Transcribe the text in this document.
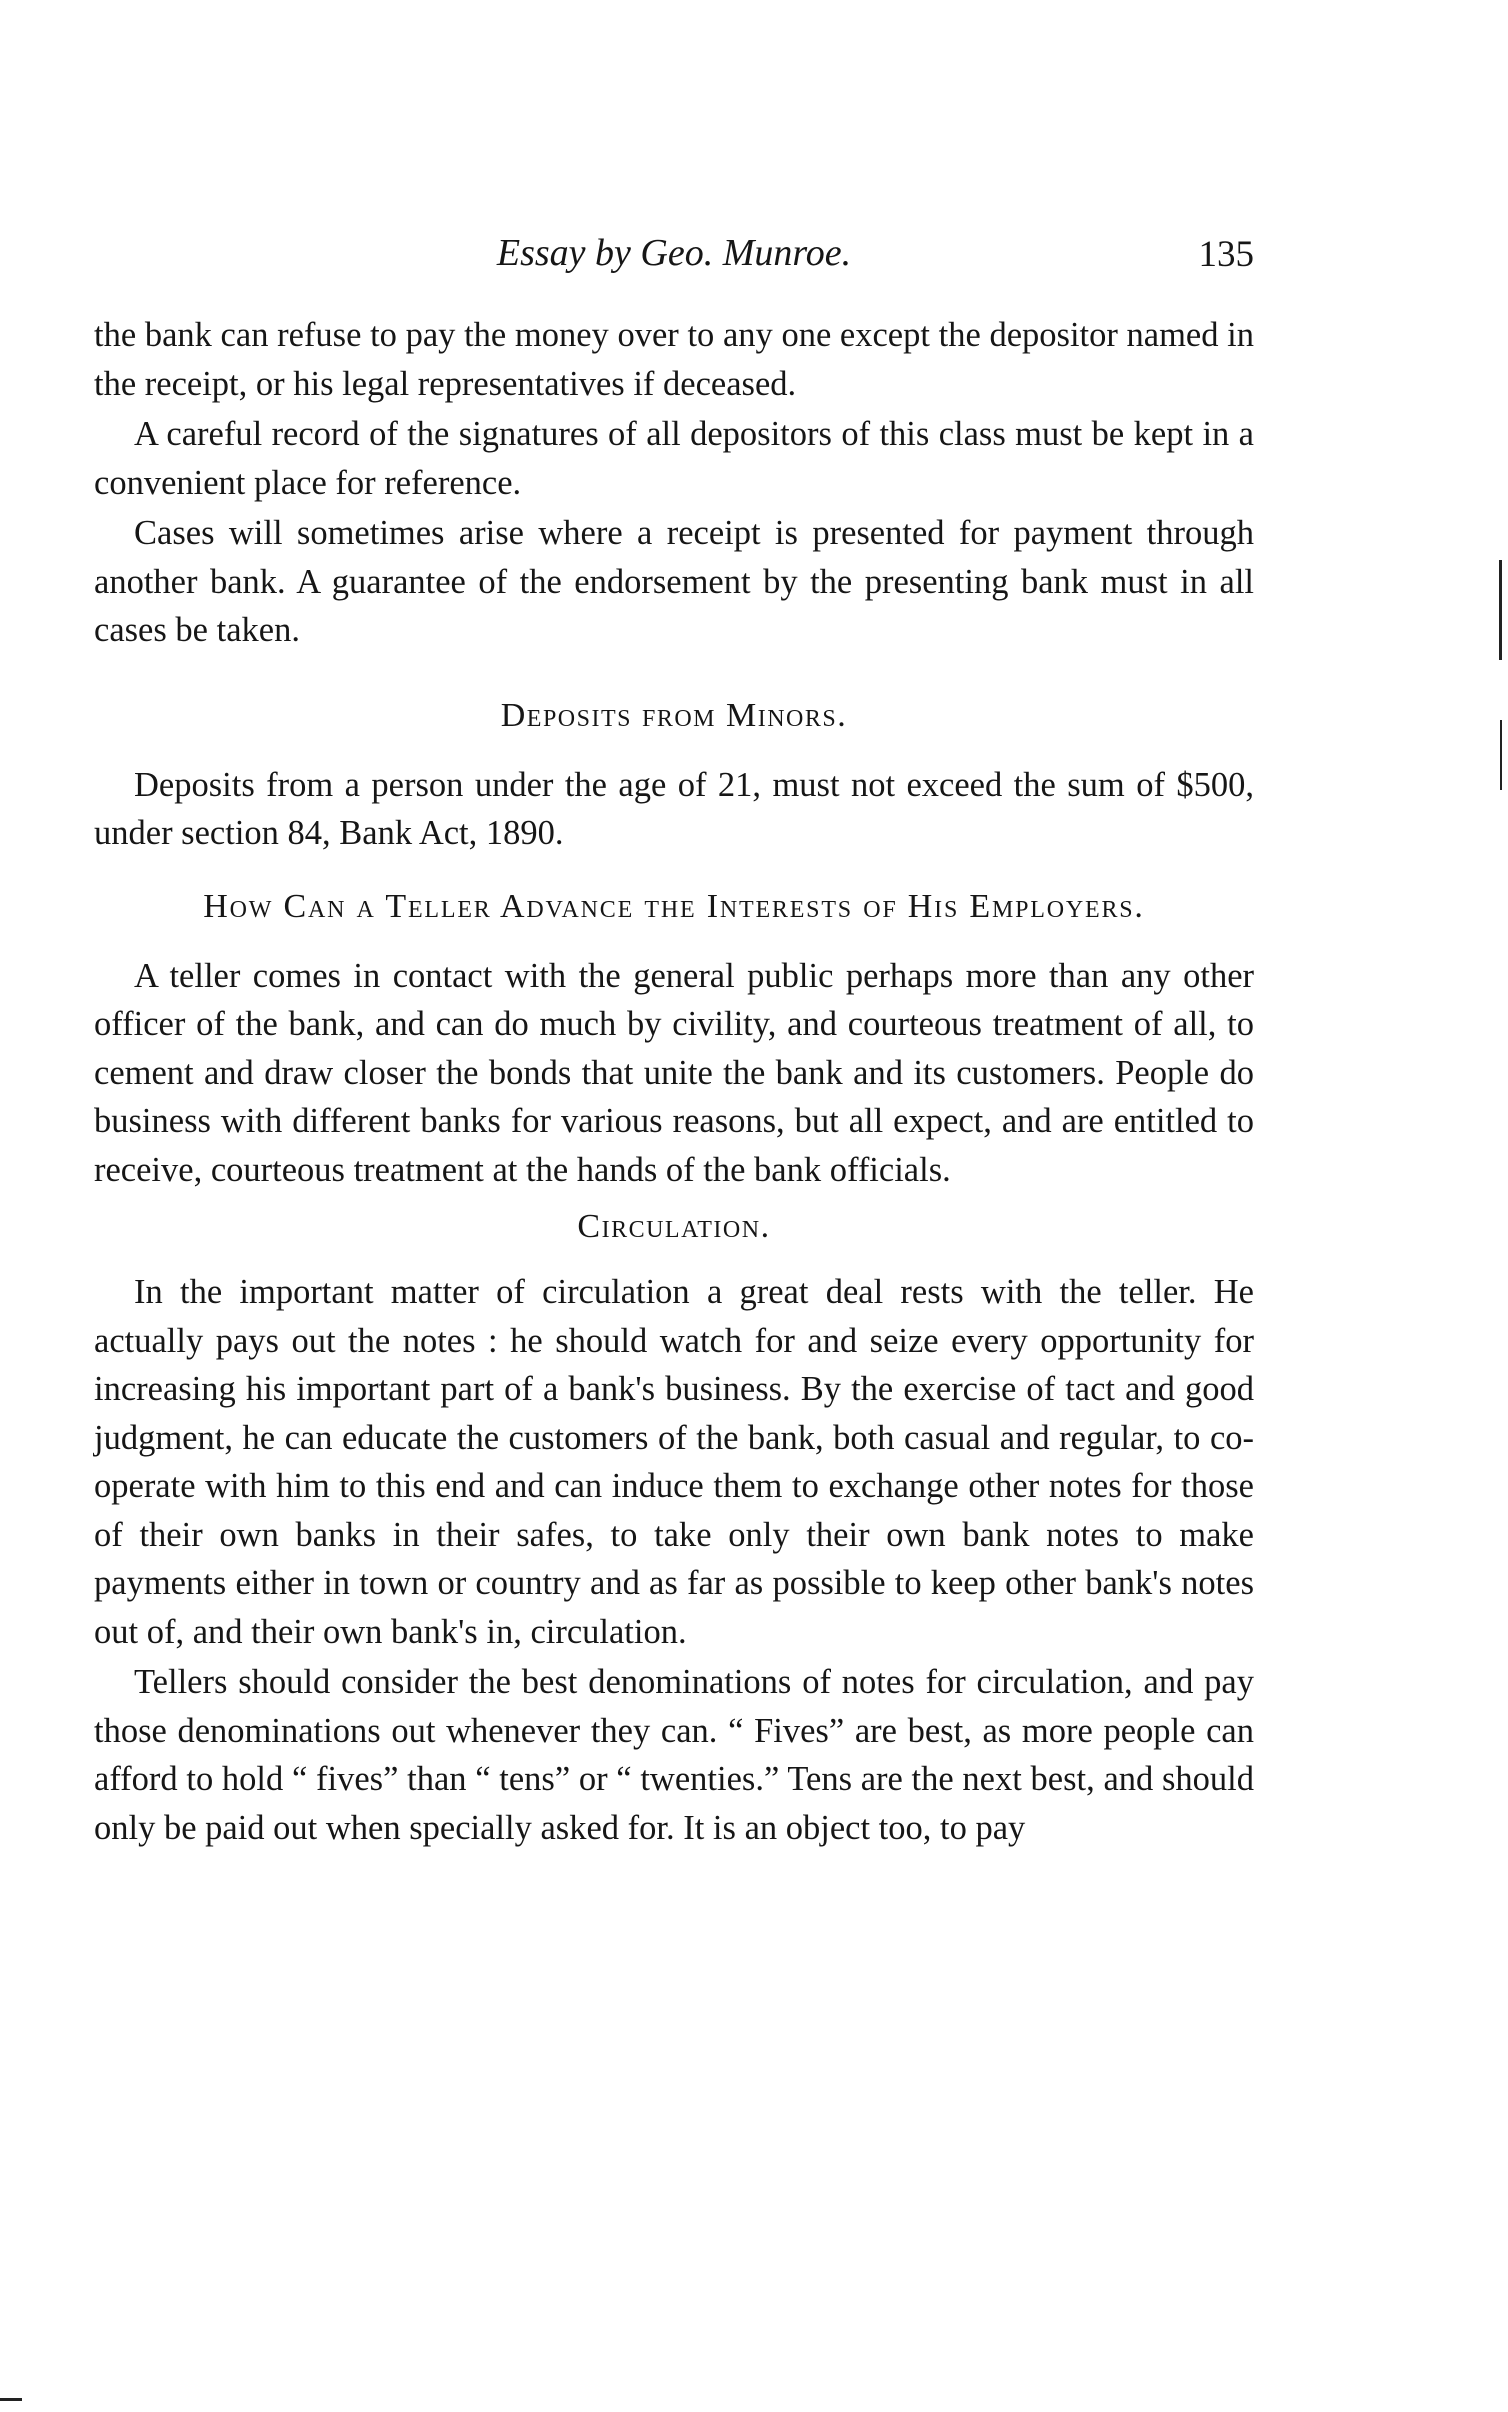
Essay by Geo. Munroe.	135

the bank can refuse to pay the money over to any one except the depositor named in the receipt, or his legal representatives if deceased.

A careful record of the signatures of all depositors of this class must be kept in a convenient place for reference.

Cases will sometimes arise where a receipt is presented for payment through another bank. A guarantee of the endorsement by the presenting bank must in all cases be taken.

Deposits from Minors.

Deposits from a person under the age of 21, must not exceed the sum of $500, under section 84, Bank Act, 1890.

How Can a Teller Advance the Interests of His Employers.

A teller comes in contact with the general public perhaps more than any other officer of the bank, and can do much by civility, and courteous treatment of all, to cement and draw closer the bonds that unite the bank and its customers. People do business with different banks for various reasons, but all expect, and are entitled to receive, courteous treatment at the hands of the bank officials.

Circulation.

In the important matter of circulation a great deal rests with the teller. He actually pays out the notes : he should watch for and seize every opportunity for increasing his important part of a bank's business. By the exercise of tact and good judgment, he can educate the customers of the bank, both casual and regular, to co-operate with him to this end and can induce them to exchange other notes for those of their own banks in their safes, to take only their own bank notes to make payments either in town or country and as far as possible to keep other bank's notes out of, and their own bank's in, circulation.

Tellers should consider the best denominations of notes for circulation, and pay those denominations out whenever they can. “ Fives” are best, as more people can afford to hold “ fives” than “ tens” or “ twenties.” Tens are the next best, and should only be paid out when specially asked for. It is an object too, to pay
